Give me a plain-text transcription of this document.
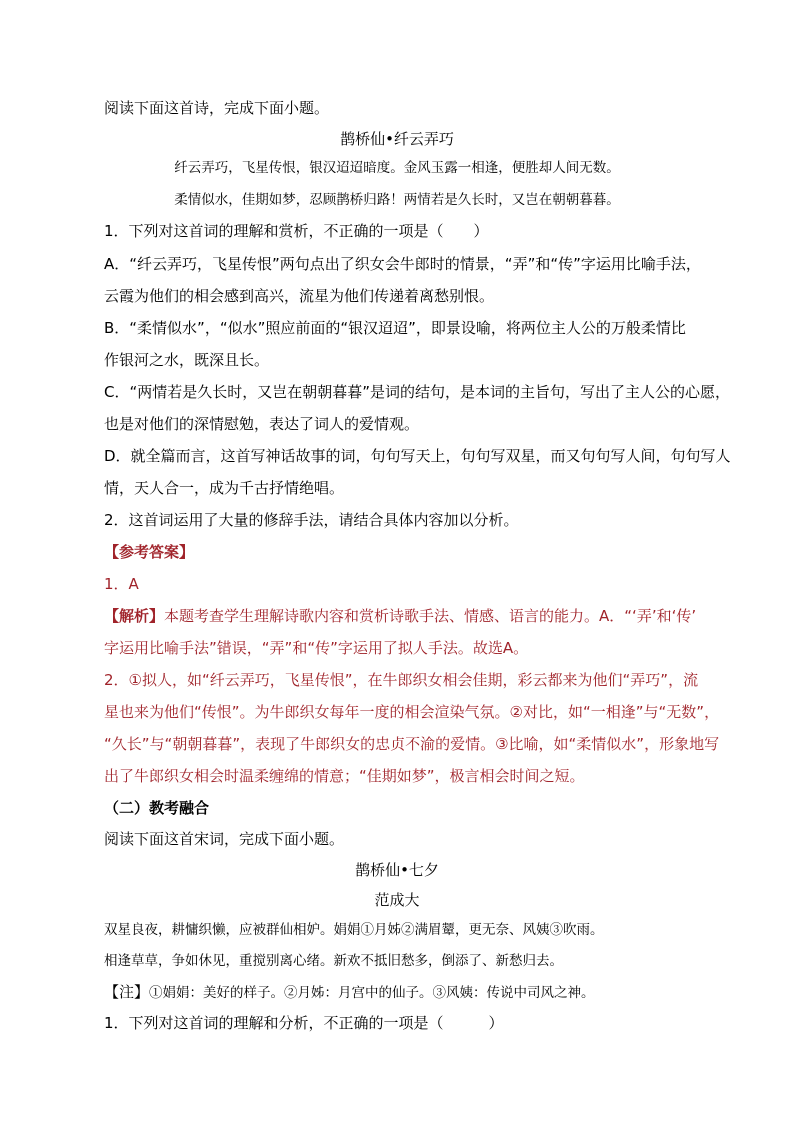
阅读下面这首诗，完成下面小题。
鹊桥仙•纤云弄巧
纤云弄巧，飞星传恨，银汉迢迢暗度。金风玉露一相逢，便胜却人间无数。
柔情似水，佳期如梦，忍顾鹊桥归路！两情若是久长时，又岂在朝朝暮暮。
1．下列对这首词的理解和赏析，不正确的一项是（　　）
A．“纤云弄巧，飞星传恨”两句点出了织女会牛郎时的情景，“弄”和“传”字运用比喻手法，
云霞为他们的相会感到高兴，流星为他们传递着离愁别恨。
B．“柔情似水”，“似水”照应前面的“银汉迢迢”，即景设喻，将两位主人公的万般柔情比
作银河之水，既深且长。
C．“两情若是久长时，又岂在朝朝暮暮”是词的结句，是本词的主旨句，写出了主人公的心愿，
也是对他们的深情慰勉，表达了词人的爱情观。
D．就全篇而言，这首写神话故事的词，句句写天上，句句写双星，而又句句写人间，句句写人
情，天人合一，成为千古抒情绝唱。
2．这首词运用了大量的修辞手法，请结合具体内容加以分析。
【参考答案】
1．A
【解析】本题考查学生理解诗歌内容和赏析诗歌手法、情感、语言的能力。A．“‘弄’和‘传’
字运用比喻手法”错误，“弄”和“传”字运用了拟人手法。故选A。
2．①拟人，如“纤云弄巧，飞星传恨”，在牛郎织女相会佳期，彩云都来为他们“弄巧”，流
星也来为他们“传恨”。为牛郎织女每年一度的相会渲染气氛。②对比，如“一相逢”与“无数”，
“久长”与“朝朝暮暮”，表现了牛郎织女的忠贞不渝的爱情。③比喻，如“柔情似水”，形象地写
出了牛郎织女相会时温柔缠绵的情意；“佳期如梦”，极言相会时间之短。
（二）教考融合
阅读下面这首宋词，完成下面小题。
鹊桥仙•七夕
范成大
双星良夜，耕慵织懒，应被群仙相妒。娟娟①月姊②满眉颦，更无奈、风姨③吹雨。
相逢草草，争如休见，重搅别离心绪。新欢不抵旧愁多，倒添了、新愁归去。
【注】①娟娟：美好的样子。②月姊：月宫中的仙子。③风姨：传说中司风之神。
1．下列对这首词的理解和分析，不正确的一项是（　　　）
